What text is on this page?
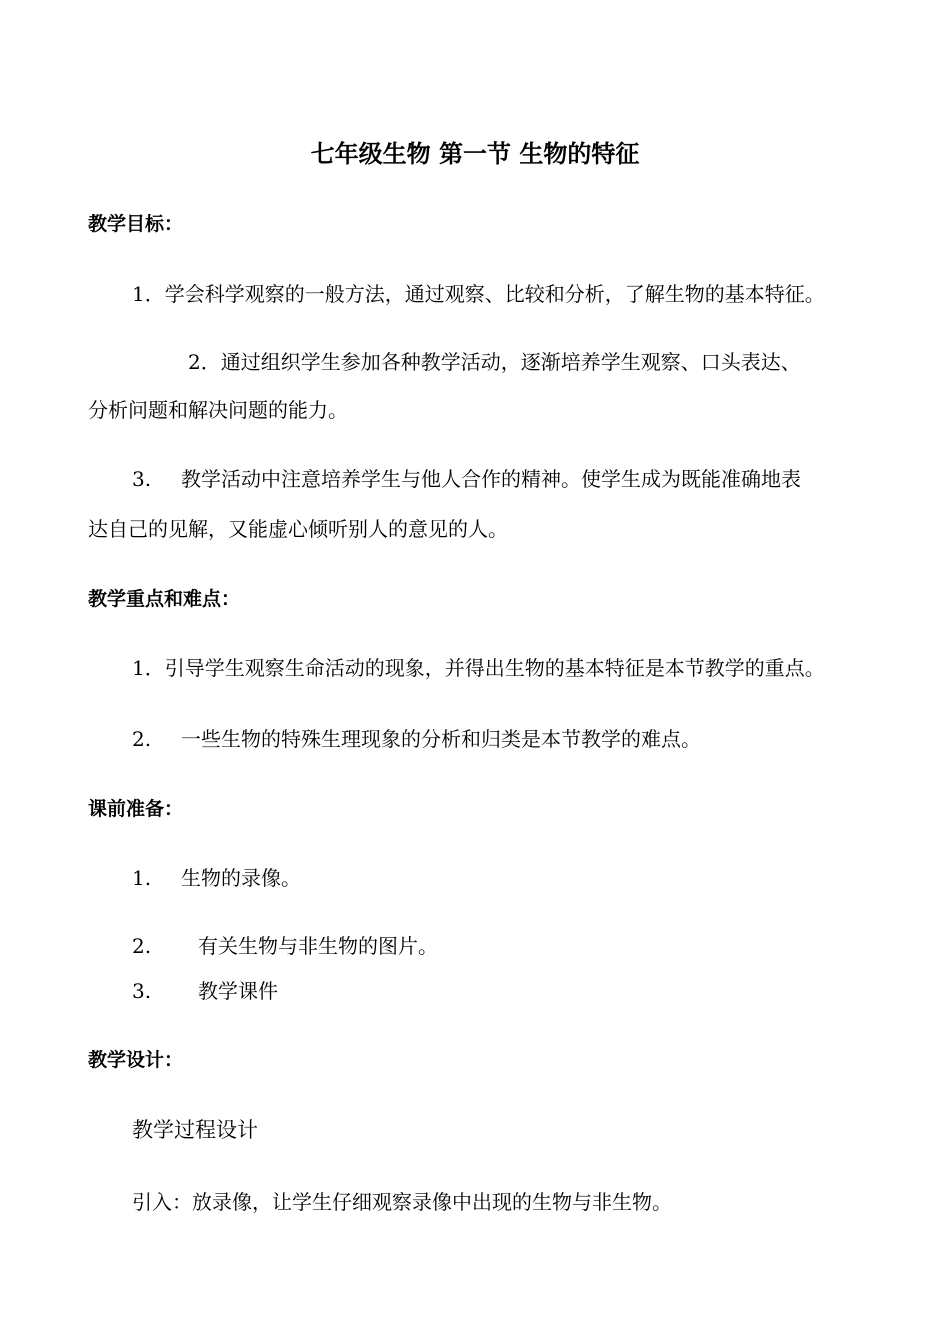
七年级生物 第一节 生物的特征
教学目标：
1．学会科学观察的一般方法，通过观察、比较和分析，了解生物的基本特征。
2．通过组织学生参加各种教学活动，逐渐培养学生观察、口头表达、
分析问题和解决问题的能力。
3. 教学活动中注意培养学生与他人合作的精神。使学生成为既能准确地表
达自己的见解，又能虚心倾听别人的意见的人。
教学重点和难点：
1．引导学生观察生命活动的现象，并得出生物的基本特征是本节教学的重点。
2. 一些生物的特殊生理现象的分析和归类是本节教学的难点。
课前准备：
1. 生物的录像。
2. 有关生物与非生物的图片。
3. 教学课件
教学设计：
教学过程设计
引入：放录像，让学生仔细观察录像中出现的生物与非生物。
